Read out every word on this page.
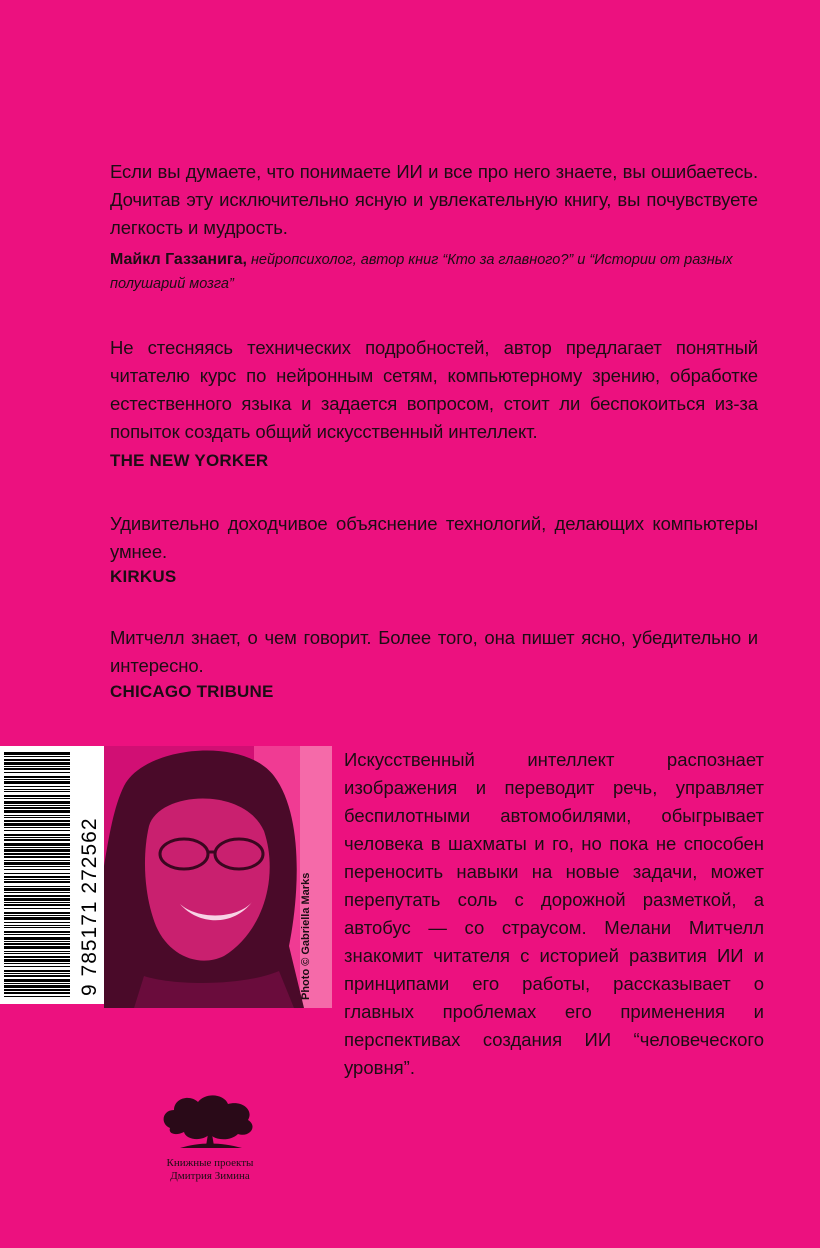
Если вы думаете, что понимаете ИИ и все про него знаете, вы ошибаетесь. Дочитав эту исключительно ясную и увлекательную книгу, вы почувствуете легкость и мудрость.
Майкл Газзанига, нейропсихолог, автор книг “Кто за главного?” и “Истории от разных полушарий мозга”
Не стесняясь технических подробностей, автор предлагает понятный читателю курс по нейронным сетям, компьютерному зрению, обработке естественного языка и задается вопросом, стоит ли беспокоиться из-за попыток создать общий искусственный интеллект.
THE NEW YORKER
Удивительно доходчивое объяснение технологий, делающих компьютеры умнее.
KIRKUS
Митчелл знает, о чем говорит. Более того, она пишет ясно, убедительно и интересно.
CHICAGO TRIBUNE
9 785171 272562	Photo © Gabriella Marks
Искусственный интеллект распознает изображения и переводит речь, управляет беспилотными автомобилями, обыгрывает человека в шахматы и го, но пока не способен переносить навыки на новые задачи, может перепутать соль с дорожной разметкой, а автобус — со страусом. Мелани Митчелл знакомит читателя с историей развития ИИ и принципами его работы, рассказывает о главных проблемах его применения и перспективах создания ИИ “человеческого уровня”.
Книжные проекты
Дмитрия Зимина
